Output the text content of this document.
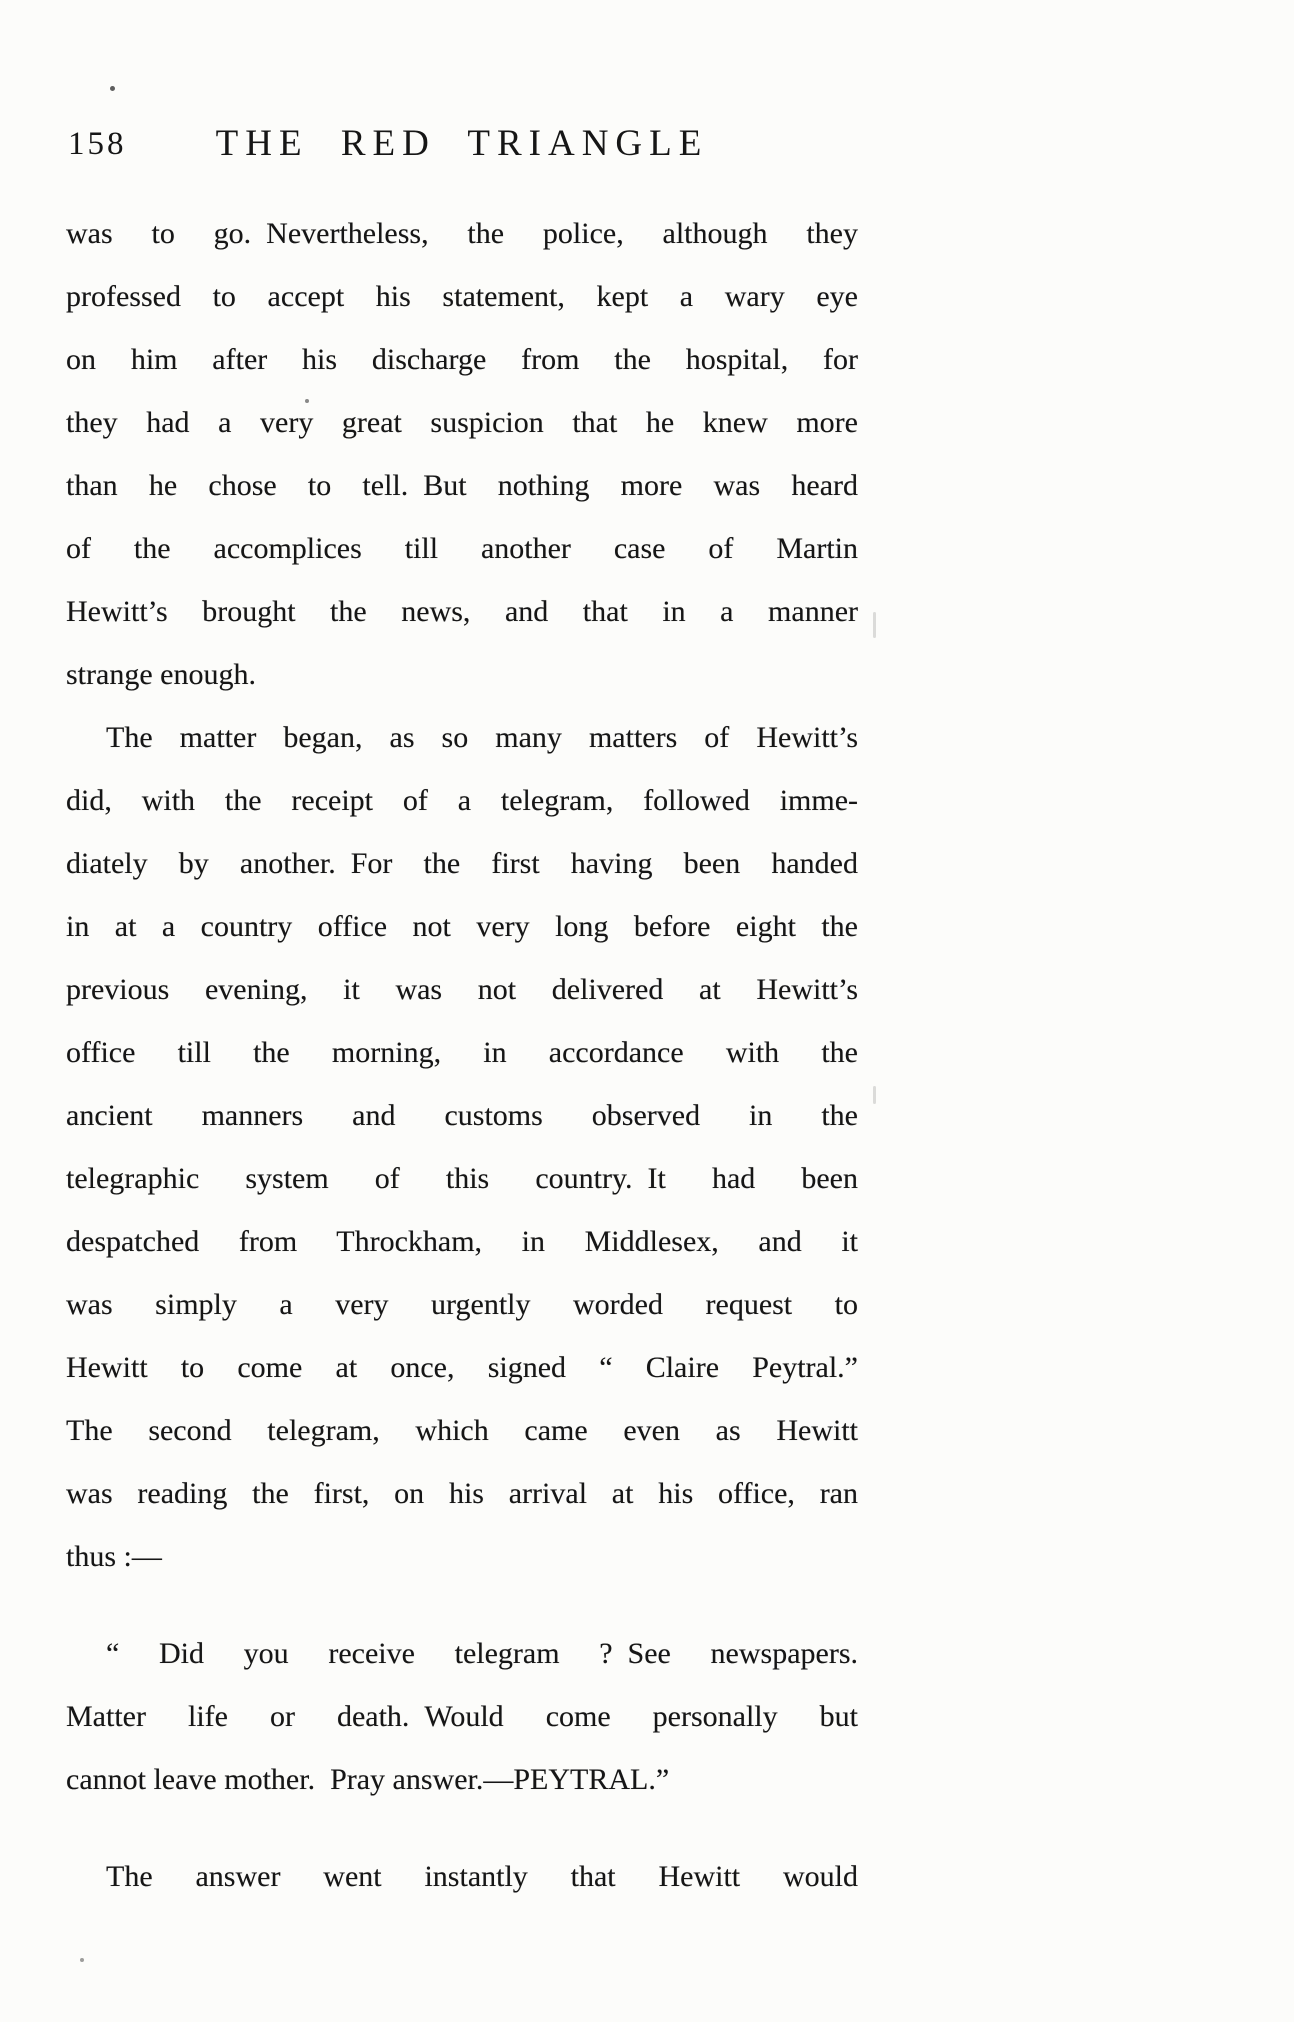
158	THE RED TRIANGLE
was to go. Nevertheless, the police, although they
professed to accept his statement, kept a wary eye
on him after his discharge from the hospital, for
they had a very great suspicion that he knew more
than he chose to tell. But nothing more was heard
of the accomplices till another case of Martin
Hewitt’s brought the news, and that in a manner
strange enough.
The matter began, as so many matters of Hewitt’s
did, with the receipt of a telegram, followed imme-
diately by another. For the first having been handed
in at a country office not very long before eight the
previous evening, it was not delivered at Hewitt’s
office till the morning, in accordance with the
ancient manners and customs observed in the
telegraphic system of this country. It had been
despatched from Throckham, in Middlesex, and it
was simply a very urgently worded request to
Hewitt to come at once, signed “ Claire Peytral.”
The second telegram, which came even as Hewitt
was reading the first, on his arrival at his office, ran
thus :—
“ Did you receive telegram ? See newspapers.
Matter life or death. Would come personally but
cannot leave mother. Pray answer.—PEYTRAL.”
The answer went instantly that Hewitt would
